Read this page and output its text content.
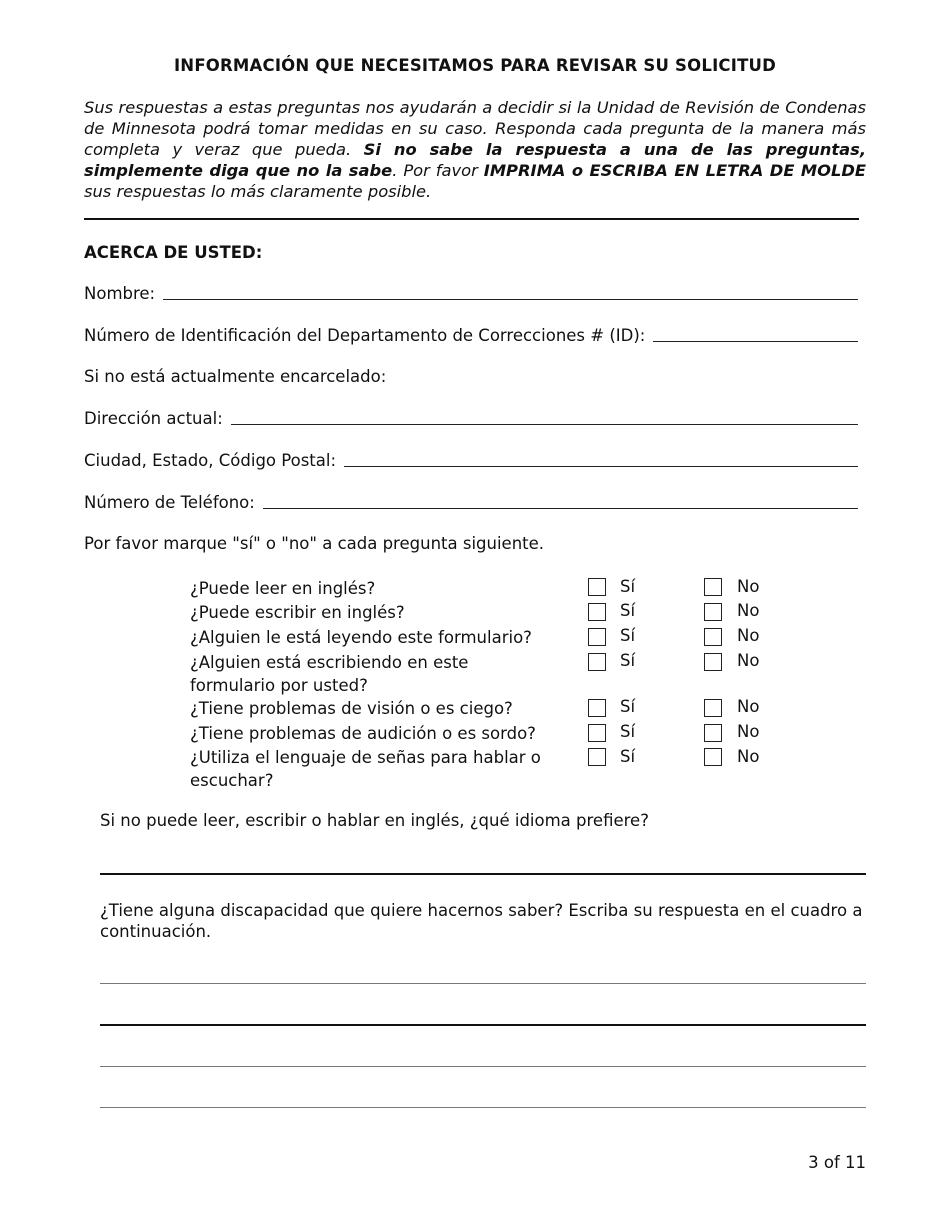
INFORMACIÓN QUE NECESITAMOS PARA REVISAR SU SOLICITUD
Sus respuestas a estas preguntas nos ayudarán a decidir si la Unidad de Revisión de Condenas de Minnesota podrá tomar medidas en su caso. Responda cada pregunta de la manera más completa y veraz que pueda. Si no sabe la respuesta a una de las preguntas, simplemente diga que no la sabe. Por favor IMPRIMA o ESCRIBA EN LETRA DE MOLDE sus respuestas lo más claramente posible.
ACERCA DE USTED:
Nombre:
Número de Identificación del Departamento de Correcciones # (ID):
Si no está actualmente encarcelado:
Dirección actual:
Ciudad, Estado, Código Postal:
Número de Teléfono:
Por favor marque "sí" o "no" a cada pregunta siguiente.
¿Puede leer en inglés?	Sí	No
¿Puede escribir en inglés?	Sí	No
¿Alguien le está leyendo este formulario?	Sí	No
¿Alguien está escribiendo en este formulario por usted?
Sí	No
¿Tiene problemas de visión o es ciego?	Sí	No
¿Tiene problemas de audición o es sordo?	Sí	No
¿Utiliza el lenguaje de señas para hablar o escuchar?
Sí	No
Si no puede leer, escribir o hablar en inglés, ¿qué idioma prefiere?
¿Tiene alguna discapacidad que quiere hacernos saber? Escriba su respuesta en el cuadro a continuación.
3 of 11
